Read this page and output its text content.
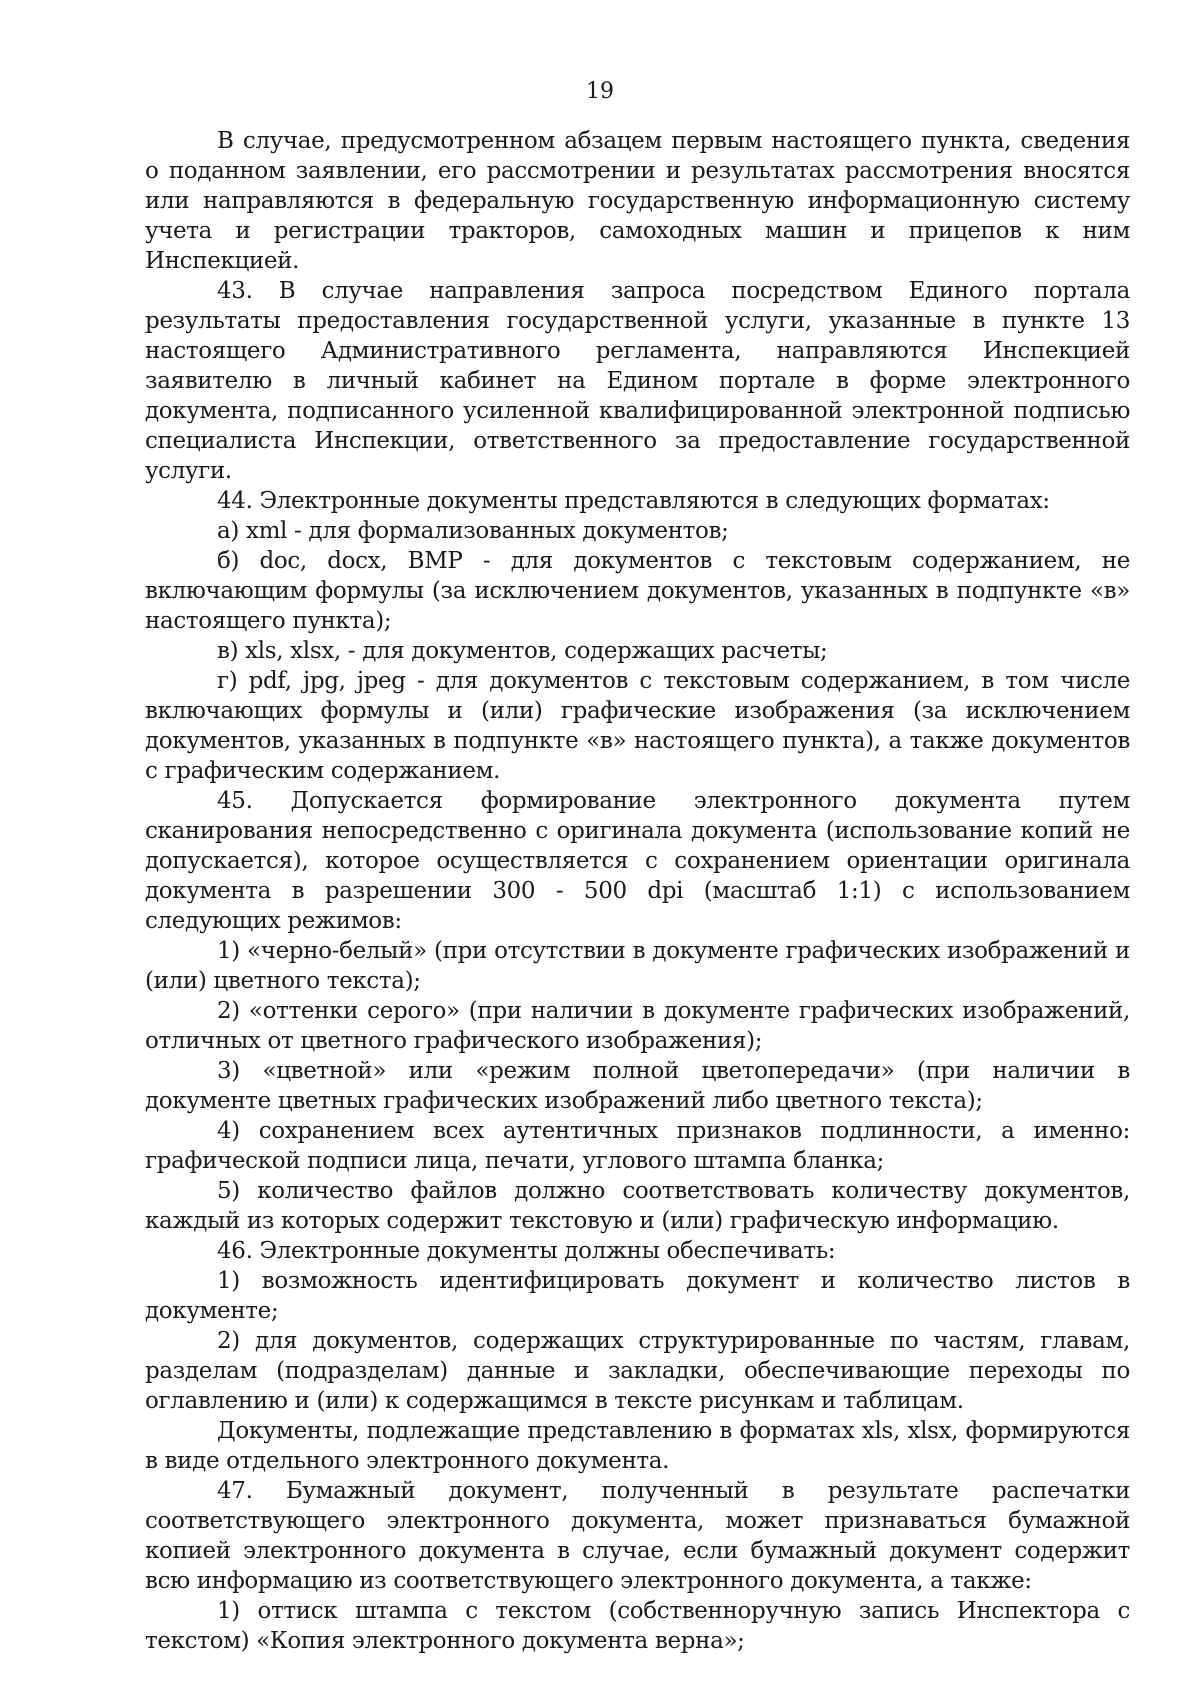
19

В случае, предусмотренном абзацем первым настоящего пункта, сведения о поданном заявлении, его рассмотрении и результатах рассмотрения вносятся или направляются в федеральную государственную информационную систему учета и регистрации тракторов, самоходных машин и прицепов к ним Инспекцией.

43. В случае направления запроса посредством Единого портала результаты предоставления государственной услуги, указанные в пункте 13 настоящего Административного регламента, направляются Инспекцией заявителю в личный кабинет на Едином портале в форме электронного документа, подписанного усиленной квалифицированной электронной подписью специалиста Инспекции, ответственного за предоставление государственной услуги.

44. Электронные документы представляются в следующих форматах:

а) xml - для формализованных документов;

б) doc, docx, BMP - для документов с текстовым содержанием, не включающим формулы (за исключением документов, указанных в подпункте «в» настоящего пункта);

в) xls, xlsx, - для документов, содержащих расчеты;

г) pdf, jpg, jpeg - для документов с текстовым содержанием, в том числе включающих формулы и (или) графические изображения (за исключением документов, указанных в подпункте «в» настоящего пункта), а также документов с графическим содержанием.

45. Допускается формирование электронного документа путем сканирования непосредственно с оригинала документа (использование копий не допускается), которое осуществляется с сохранением ориентации оригинала документа в разрешении 300 - 500 dpi (масштаб 1:1) с использованием следующих режимов:

1) «черно-белый» (при отсутствии в документе графических изображений и (или) цветного текста);

2) «оттенки серого» (при наличии в документе графических изображений, отличных от цветного графического изображения);

3) «цветной» или «режим полной цветопередачи» (при наличии в документе цветных графических изображений либо цветного текста);

4) сохранением всех аутентичных признаков подлинности, а именно: графической подписи лица, печати, углового штампа бланка;

5) количество файлов должно соответствовать количеству документов, каждый из которых содержит текстовую и (или) графическую информацию.

46. Электронные документы должны обеспечивать:

1) возможность идентифицировать документ и количество листов в документе;

2) для документов, содержащих структурированные по частям, главам, разделам (подразделам) данные и закладки, обеспечивающие переходы по оглавлению и (или) к содержащимся в тексте рисункам и таблицам.

Документы, подлежащие представлению в форматах xls, xlsx, формируются в виде отдельного электронного документа.

47. Бумажный документ, полученный в результате распечатки соответствующего электронного документа, может признаваться бумажной копией электронного документа в случае, если бумажный документ содержит всю информацию из соответствующего электронного документа, а также:

1) оттиск штампа с текстом (собственноручную запись Инспектора с текстом) «Копия электронного документа верна»;
